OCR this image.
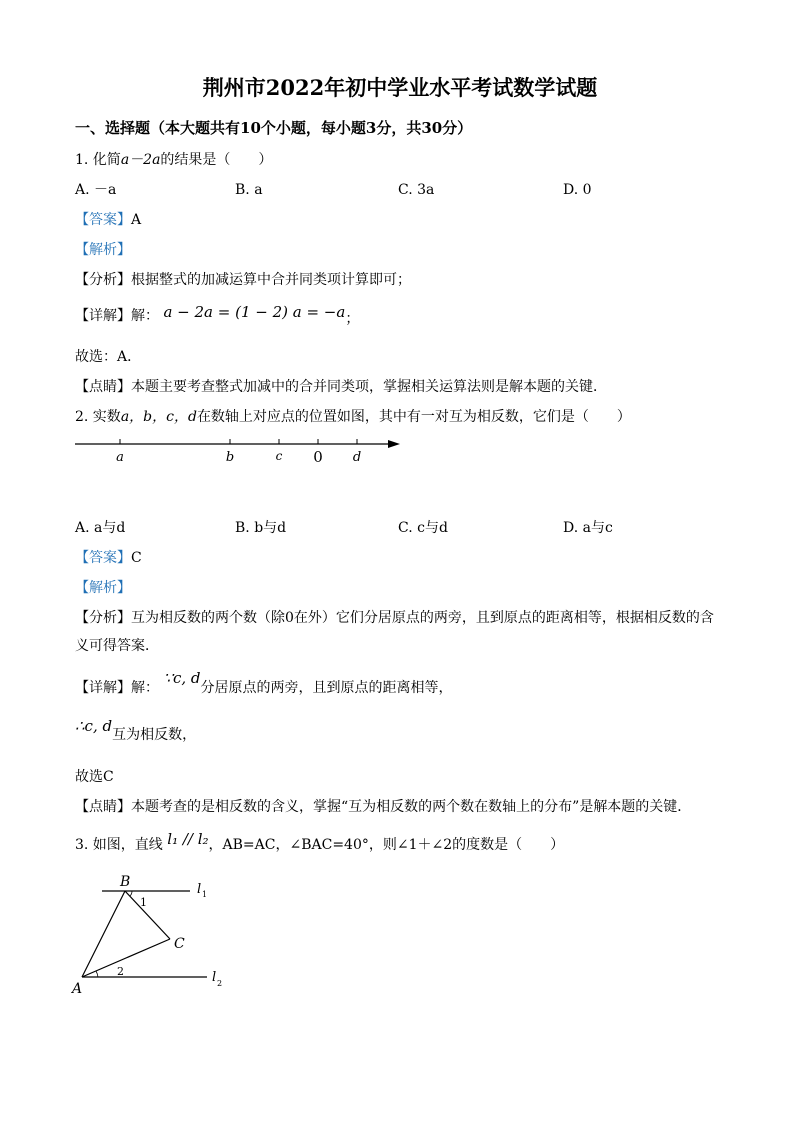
荆州市2022年初中学业水平考试数学试题
一、选择题（本大题共有10个小题，每小题3分，共30分）
1. 化简a－2a的结果是（　　）
A. －a	B. a	C. 3a	D. 0
【答案】A
【解析】
【分析】根据整式的加减运算中合并同类项计算即可；
【详解】解： a − 2a = (1 − 2) a = −a；
故选：A．
【点睛】本题主要考查整式加减中的合并同类项，掌握相关运算法则是解本题的关键．
2. 实数a，b，c，d在数轴上对应点的位置如图，其中有一对互为相反数，它们是（　　）
a	b	c 0 d
A. a与d	B. b与d	C. c与d	D. a与c
【答案】C
【解析】
【分析】互为相反数的两个数（除0在外）它们分居原点的两旁，且到原点的距离相等，根据相反数的含
义可得答案．
【详解】解： ∵c, d分居原点的两旁，且到原点的距离相等，
∴c, d互为相反数，
故选C
【点睛】本题考查的是相反数的含义，掌握“互为相反数的两个数在数轴上的分布”是解本题的关键．
3. 如图，直线 l₁ // l₂，AB=AC，∠BAC=40°，则∠1＋∠2的度数是（　　）
B
A
C
1
2
l 1
l 2
